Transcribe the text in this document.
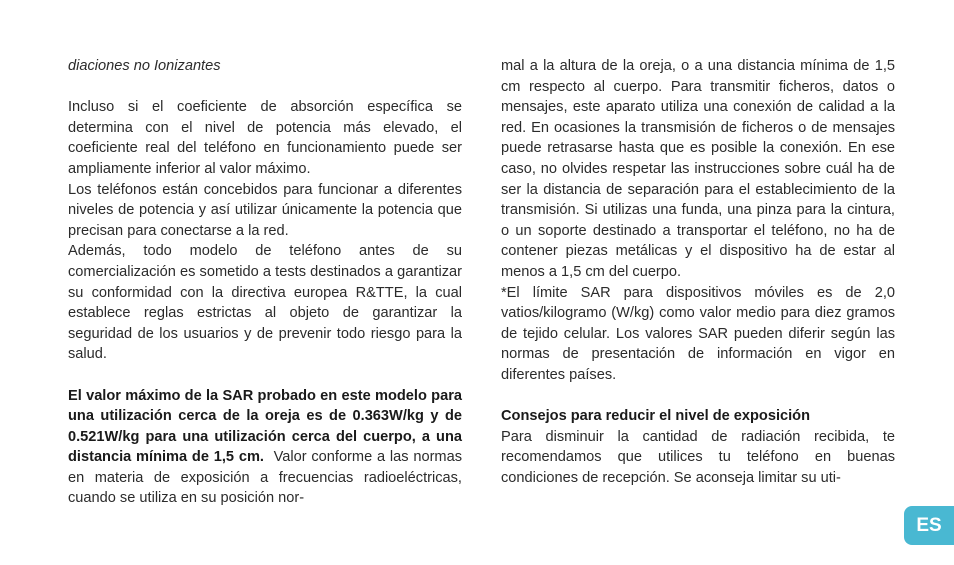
diaciones no Ionizantes

Incluso si el coeficiente de absorción específica se determina con el nivel de potencia más elevado, el coeficiente real del teléfono en funcionamiento puede ser ampliamente inferior al valor máximo.

Los teléfonos están concebidos para funcionar a diferentes niveles de potencia y así utilizar únicamente la potencia que precisan para conectarse a la red.

Además, todo modelo de teléfono antes de su comercialización es sometido a tests destinados a garantizar su conformidad con la directiva europea R&TTE, la cual establece reglas estrictas al objeto de garantizar la seguridad de los usuarios y de prevenir todo riesgo para la salud.

El valor máximo de la SAR probado en este modelo para una utilización cerca de la oreja es de 0.363W/kg y de 0.521W/kg para una utilización cerca del cuerpo, a una distancia mínima de 1,5 cm. Valor conforme a las normas en materia de exposición a frecuencias radioeléctricas, cuando se utiliza en su posición nor-

mal a la altura de la oreja, o a una distancia mínima de 1,5 cm respecto al cuerpo. Para transmitir ficheros, datos o mensajes, este aparato utiliza una conexión de calidad a la red. En ocasiones la transmisión de ficheros o de mensajes puede retrasarse hasta que es posible la conexión. En ese caso, no olvides respetar las instrucciones sobre cuál ha de ser la distancia de separación para el establecimiento de la transmisión. Si utilizas una funda, una pinza para la cintura, o un soporte destinado a transportar el teléfono, no ha de contener piezas metálicas y el dispositivo ha de estar al menos a 1,5 cm del cuerpo.

*El límite SAR para dispositivos móviles es de 2,0 vatios/kilogramo (W/kg) como valor medio para diez gramos de tejido celular. Los valores SAR pueden diferir según las normas de presentación de información en vigor en diferentes países.

Consejos para reducir el nivel de exposición

Para disminuir la cantidad de radiación recibida, te recomendamos que utilices tu teléfono en buenas condiciones de recepción. Se aconseja limitar su uti-

ES
